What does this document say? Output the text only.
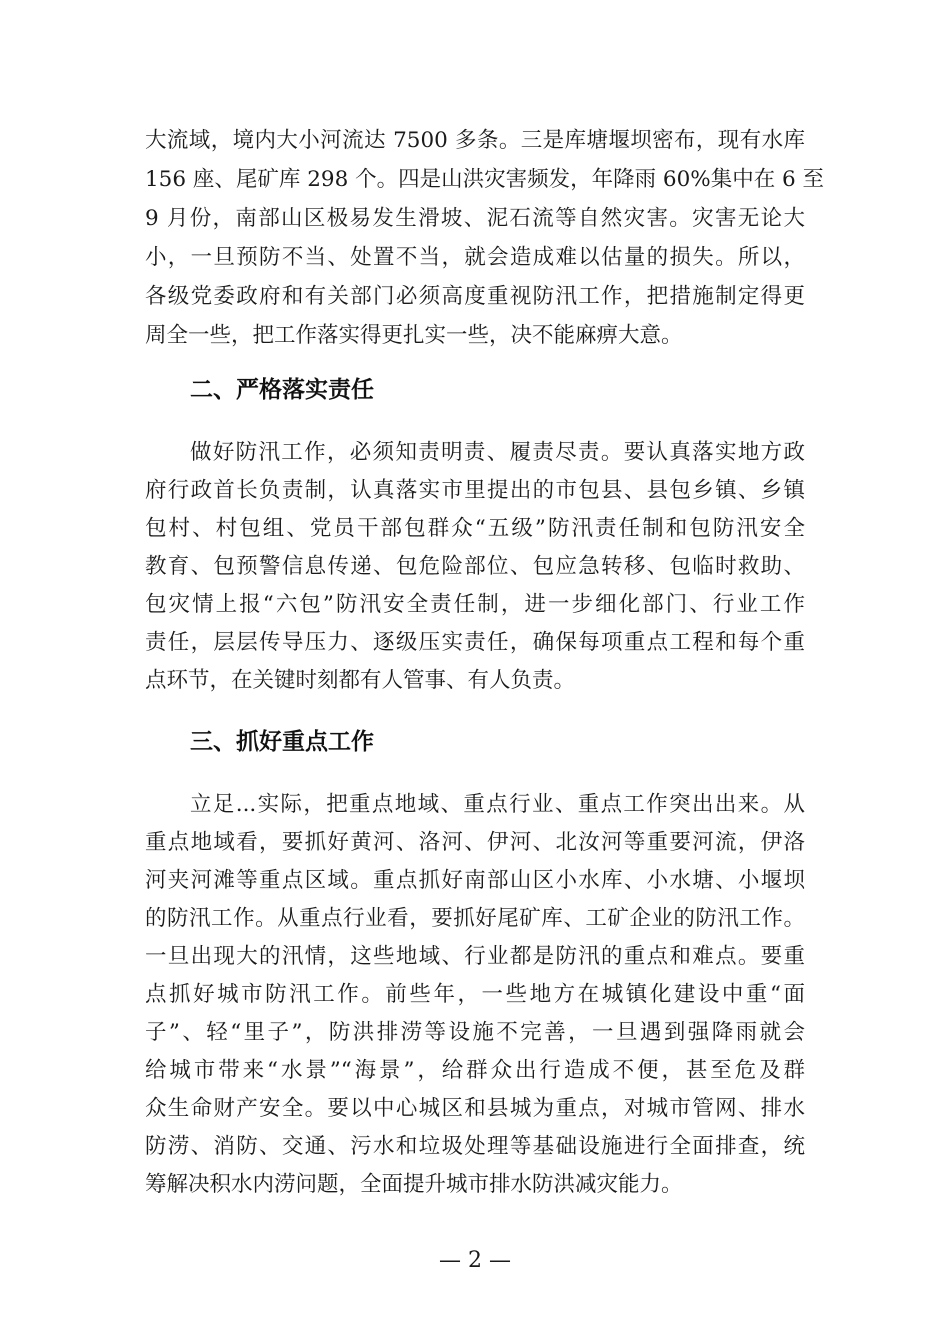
大流域，境内大小河流达 7500 多条。三是库塘堰坝密布，现有水库
156 座、尾矿库 298 个。四是山洪灾害频发，年降雨 60%集中在 6 至
9 月份，南部山区极易发生滑坡、泥石流等自然灾害。灾害无论大
小，一旦预防不当、处置不当，就会造成难以估量的损失。所以，
各级党委政府和有关部门必须高度重视防汛工作，把措施制定得更
周全一些，把工作落实得更扎实一些，决不能麻痹大意。
二、严格落实责任
做好防汛工作，必须知责明责、履责尽责。要认真落实地方政
府行政首长负责制，认真落实市里提出的市包县、县包乡镇、乡镇
包村、村包组、党员干部包群众“五级”防汛责任制和包防汛安全
教育、包预警信息传递、包危险部位、包应急转移、包临时救助、
包灾情上报“六包”防汛安全责任制，进一步细化部门、行业工作
责任，层层传导压力、逐级压实责任，确保每项重点工程和每个重
点环节，在关键时刻都有人管事、有人负责。
三、抓好重点工作
立足...实际，把重点地域、重点行业、重点工作突出出来。从
重点地域看，要抓好黄河、洛河、伊河、北汝河等重要河流，伊洛
河夹河滩等重点区域。重点抓好南部山区小水库、小水塘、小堰坝
的防汛工作。从重点行业看，要抓好尾矿库、工矿企业的防汛工作。
一旦出现大的汛情，这些地域、行业都是防汛的重点和难点。要重
点抓好城市防汛工作。前些年，一些地方在城镇化建设中重“面
子”、轻“里子”，防洪排涝等设施不完善，一旦遇到强降雨就会
给城市带来“水景”“海景”，给群众出行造成不便，甚至危及群
众生命财产安全。要以中心城区和县城为重点，对城市管网、排水
防涝、消防、交通、污水和垃圾处理等基础设施进行全面排查，统
筹解决积水内涝问题，全面提升城市排水防洪减灾能力。
— 2 —
